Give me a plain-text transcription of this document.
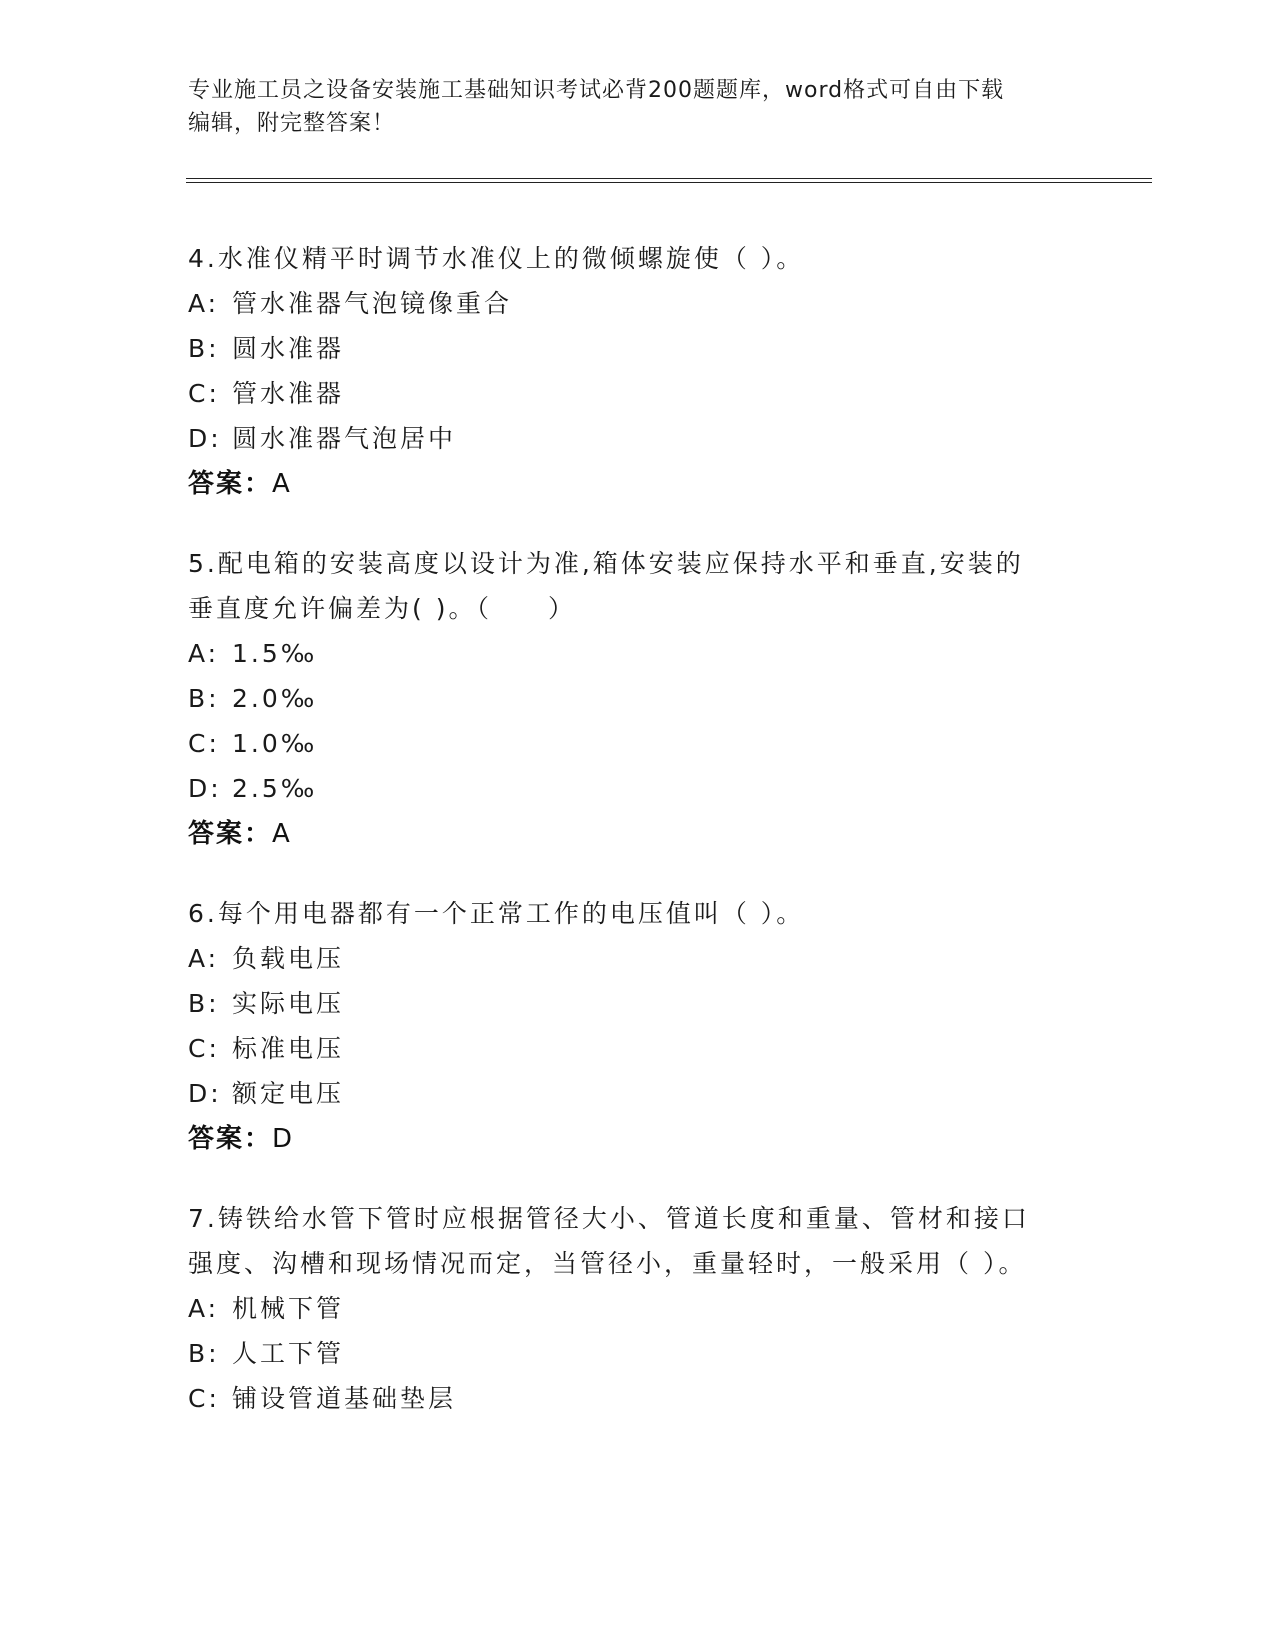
专业施工员之设备安装施工基础知识考试必背200题题库，word格式可自由下载
编辑，附完整答案！

4.水准仪精平时调节水准仪上的微倾螺旋使（ ）。

A: 管水准器气泡镜像重合
B: 圆水准器
C: 管水准器
D: 圆水准器气泡居中

答案：A

5.配电箱的安装高度以设计为准,箱体安装应保持水平和垂直,安装的
垂直度允许偏差为( )。（　　）

A: 1.5‰
B: 2.0‰
C: 1.0‰
D: 2.5‰

答案：A

6.每个用电器都有一个正常工作的电压值叫（ ）。

A: 负载电压
B: 实际电压
C: 标准电压
D: 额定电压

答案：D

7.铸铁给水管下管时应根据管径大小、管道长度和重量、管材和接口
强度、沟槽和现场情况而定，当管径小，重量轻时，一般采用（ ）。

A: 机械下管
B: 人工下管
C: 铺设管道基础垫层
